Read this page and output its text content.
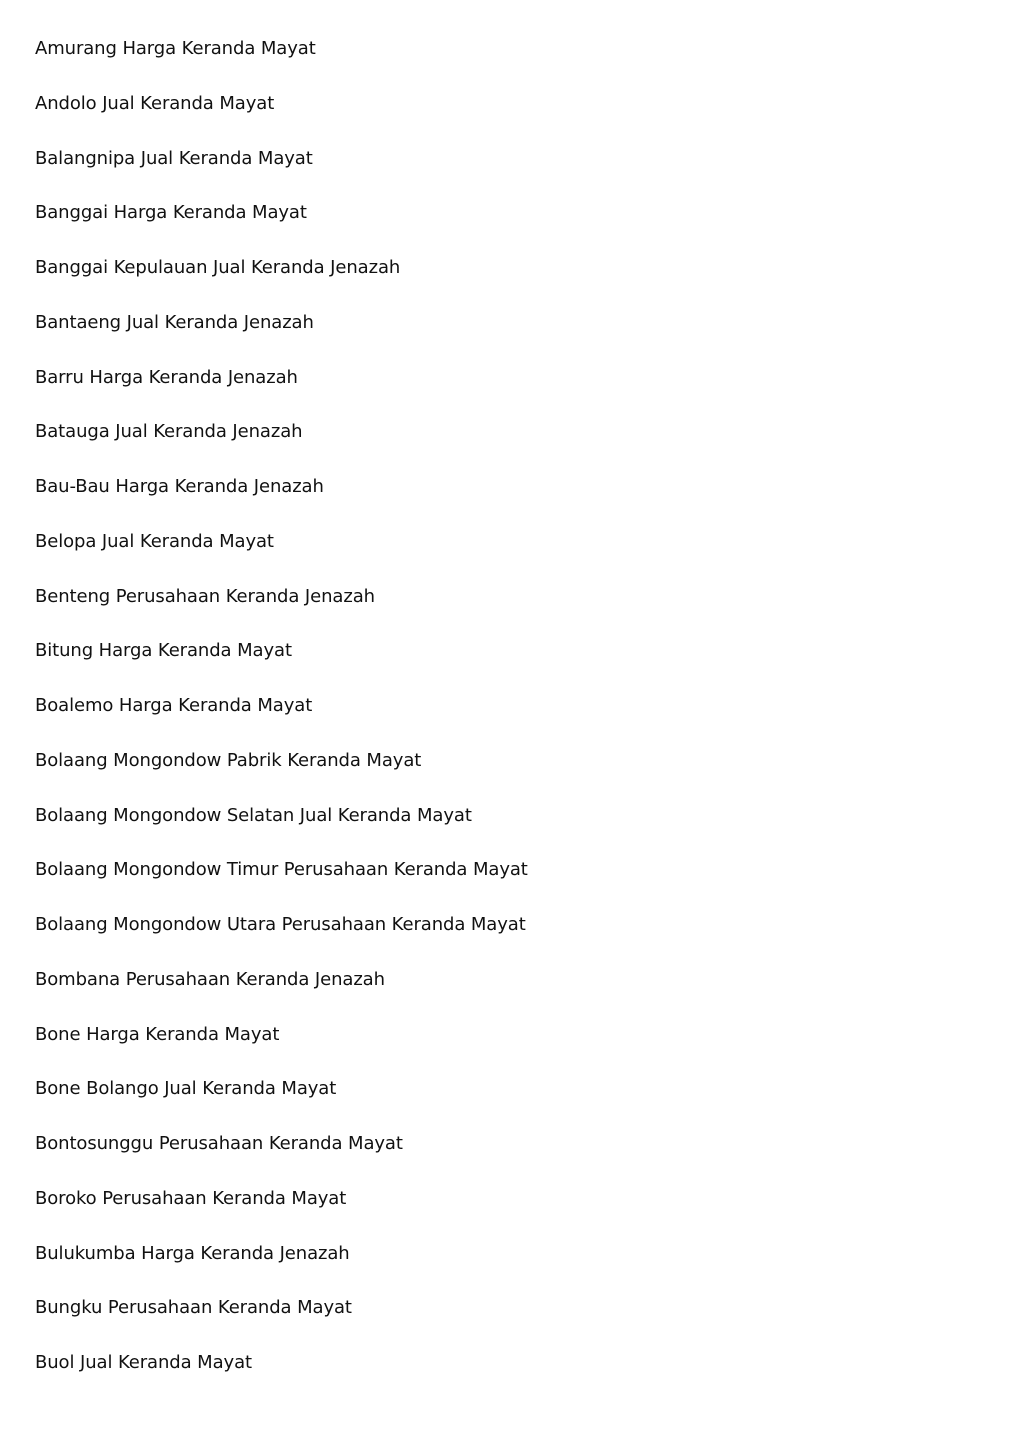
Amurang Harga Keranda Mayat
Andolo Jual Keranda Mayat
Balangnipa Jual Keranda Mayat
Banggai Harga Keranda Mayat
Banggai Kepulauan Jual Keranda Jenazah
Bantaeng Jual Keranda Jenazah
Barru Harga Keranda Jenazah
Batauga Jual Keranda Jenazah
Bau-Bau Harga Keranda Jenazah
Belopa Jual Keranda Mayat
Benteng Perusahaan Keranda Jenazah
Bitung Harga Keranda Mayat
Boalemo Harga Keranda Mayat
Bolaang Mongondow Pabrik Keranda Mayat
Bolaang Mongondow Selatan Jual Keranda Mayat
Bolaang Mongondow Timur Perusahaan Keranda Mayat
Bolaang Mongondow Utara Perusahaan Keranda Mayat
Bombana Perusahaan Keranda Jenazah
Bone Harga Keranda Mayat
Bone Bolango Jual Keranda Mayat
Bontosunggu Perusahaan Keranda Mayat
Boroko Perusahaan Keranda Mayat
Bulukumba Harga Keranda Jenazah
Bungku Perusahaan Keranda Mayat
Buol Jual Keranda Mayat
